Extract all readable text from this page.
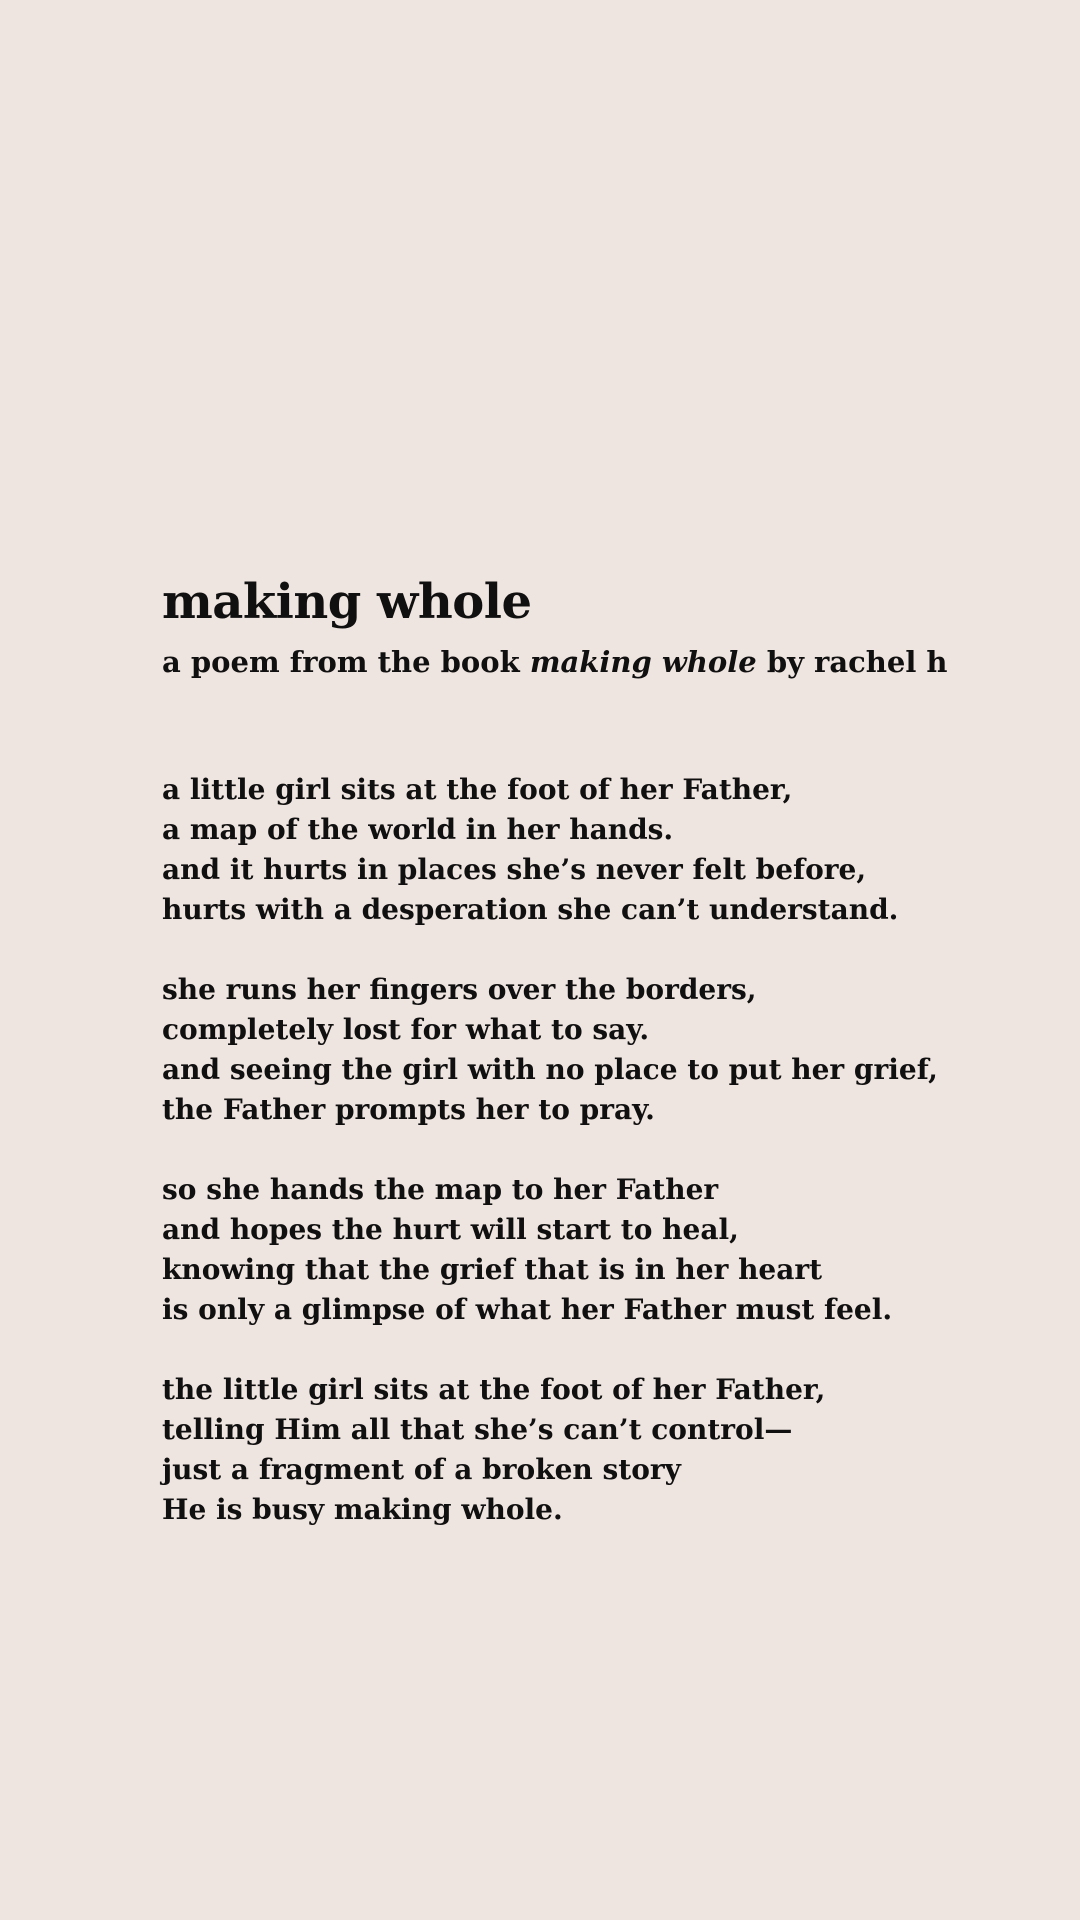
making whole

a poem from the book making whole by rachel h

a little girl sits at the foot of her Father,
a map of the world in her hands.
and it hurts in places she’s never felt before,
hurts with a desperation she can’t understand.
she runs her fingers over the borders,
completely lost for what to say.
and seeing the girl with no place to put her grief,
the Father prompts her to pray.
so she hands the map to her Father
and hopes the hurt will start to heal,
knowing that the grief that is in her heart
is only a glimpse of what her Father must feel.
the little girl sits at the foot of her Father,
telling Him all that she’s can’t control—
just a fragment of a broken story
He is busy making whole.
